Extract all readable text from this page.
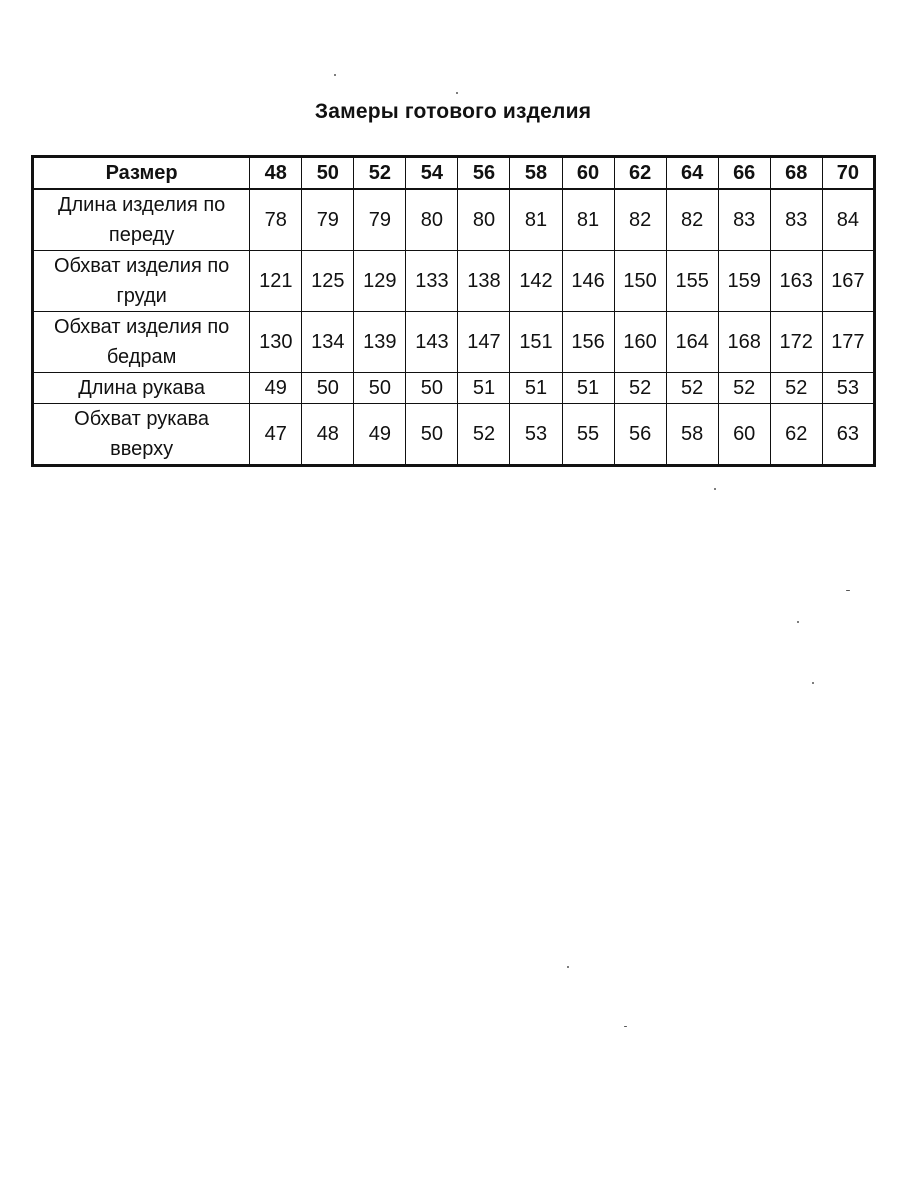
Замеры готового изделия
Размер	48	50	52	54	56	58	60	62	64	66	68	70

Длина изделия по
переду	78	79	79	80	80	81	81	82	82	83	83	84

Обхват изделия по
груди	121	125	129	133	138	142	146	150	155	159	163	167

Обхват изделия по
бедрам	130	134	139	143	147	151	156	160	164	168	172	177

Длина рукава	49	50	50	50	51	51	51	52	52	52	52	53

Обхват рукава
вверху	47	48	49	50	52	53	55	56	58	60	62	63
